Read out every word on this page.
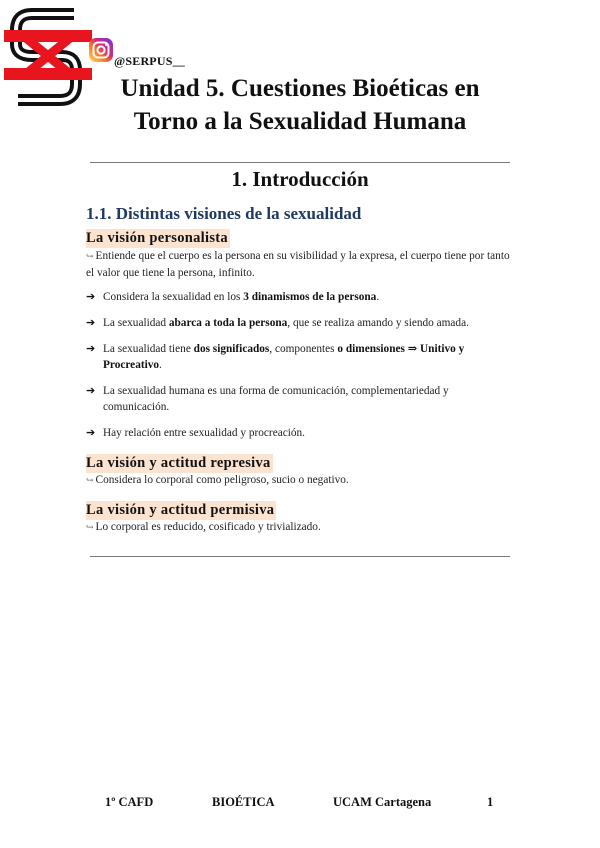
@SERPUS__
Unidad 5. Cuestiones Bioéticas en Torno a la Sexualidad Humana
1. Introducción
1.1. Distintas visiones de la sexualidad
La visión personalista

↪ Entiende que el cuerpo es la persona en su visibilidad y la expresa, el cuerpo tiene por tanto el valor que tiene la persona, infinito.

➔ Considera la sexualidad en los 3 dinamismos de la persona.
➔ La sexualidad abarca a toda la persona, que se realiza amando y siendo amada.
➔ La sexualidad tiene dos significados, componentes o dimensiones ⇒ Unitivo y Procreativo.
➔ La sexualidad humana es una forma de comunicación, complementariedad y comunicación.
➔ Hay relación entre sexualidad y procreación.
La visión y actitud represiva

↪ Considera lo corporal como peligroso, sucio o negativo.

La visión y actitud permisiva

↪ Lo corporal es reducido, cosificado y trivializado.

1º CAFD	BIOÉTICA	UCAM Cartagena	1
